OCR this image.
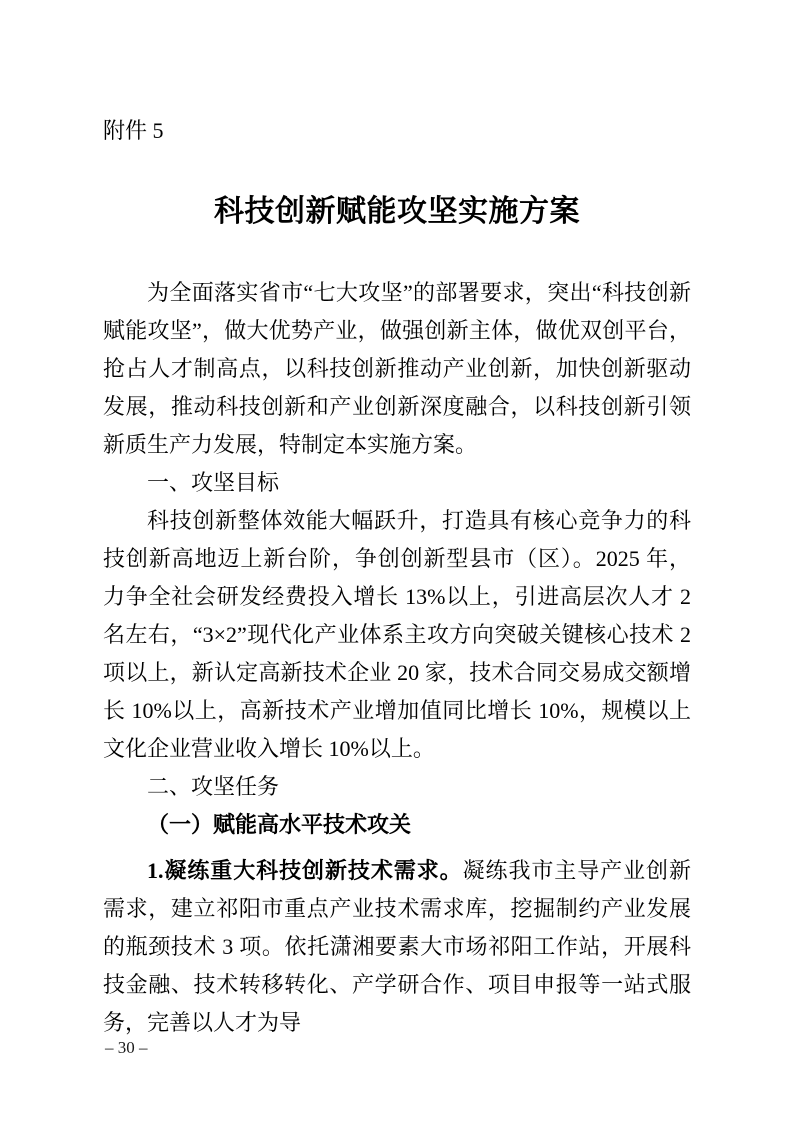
附件 5
科技创新赋能攻坚实施方案

为全面落实省市“七大攻坚”的部署要求，突出“科技创新赋能攻坚”，做大优势产业，做强创新主体，做优双创平台，抢占人才制高点，以科技创新推动产业创新，加快创新驱动发展，推动科技创新和产业创新深度融合，以科技创新引领新质生产力发展，特制定本实施方案。

一、攻坚目标

科技创新整体效能大幅跃升，打造具有核心竞争力的科技创新高地迈上新台阶，争创创新型县市（区）。2025 年，力争全社会研发经费投入增长 13%以上，引进高层次人才 2 名左右，“3×2”现代化产业体系主攻方向突破关键核心技术 2 项以上，新认定高新技术企业 20 家，技术合同交易成交额增长 10%以上，高新技术产业增加值同比增长 10%，规模以上文化企业营业收入增长 10%以上。

二、攻坚任务
（一）赋能高水平技术攻关

1.凝练重大科技创新技术需求。凝练我市主导产业创新需求，建立祁阳市重点产业技术需求库，挖掘制约产业发展的瓶颈技术 3 项。依托潇湘要素大市场祁阳工作站，开展科技金融、技术转移转化、产学研合作、项目申报等一站式服务，完善以人才为导

– 30 –
